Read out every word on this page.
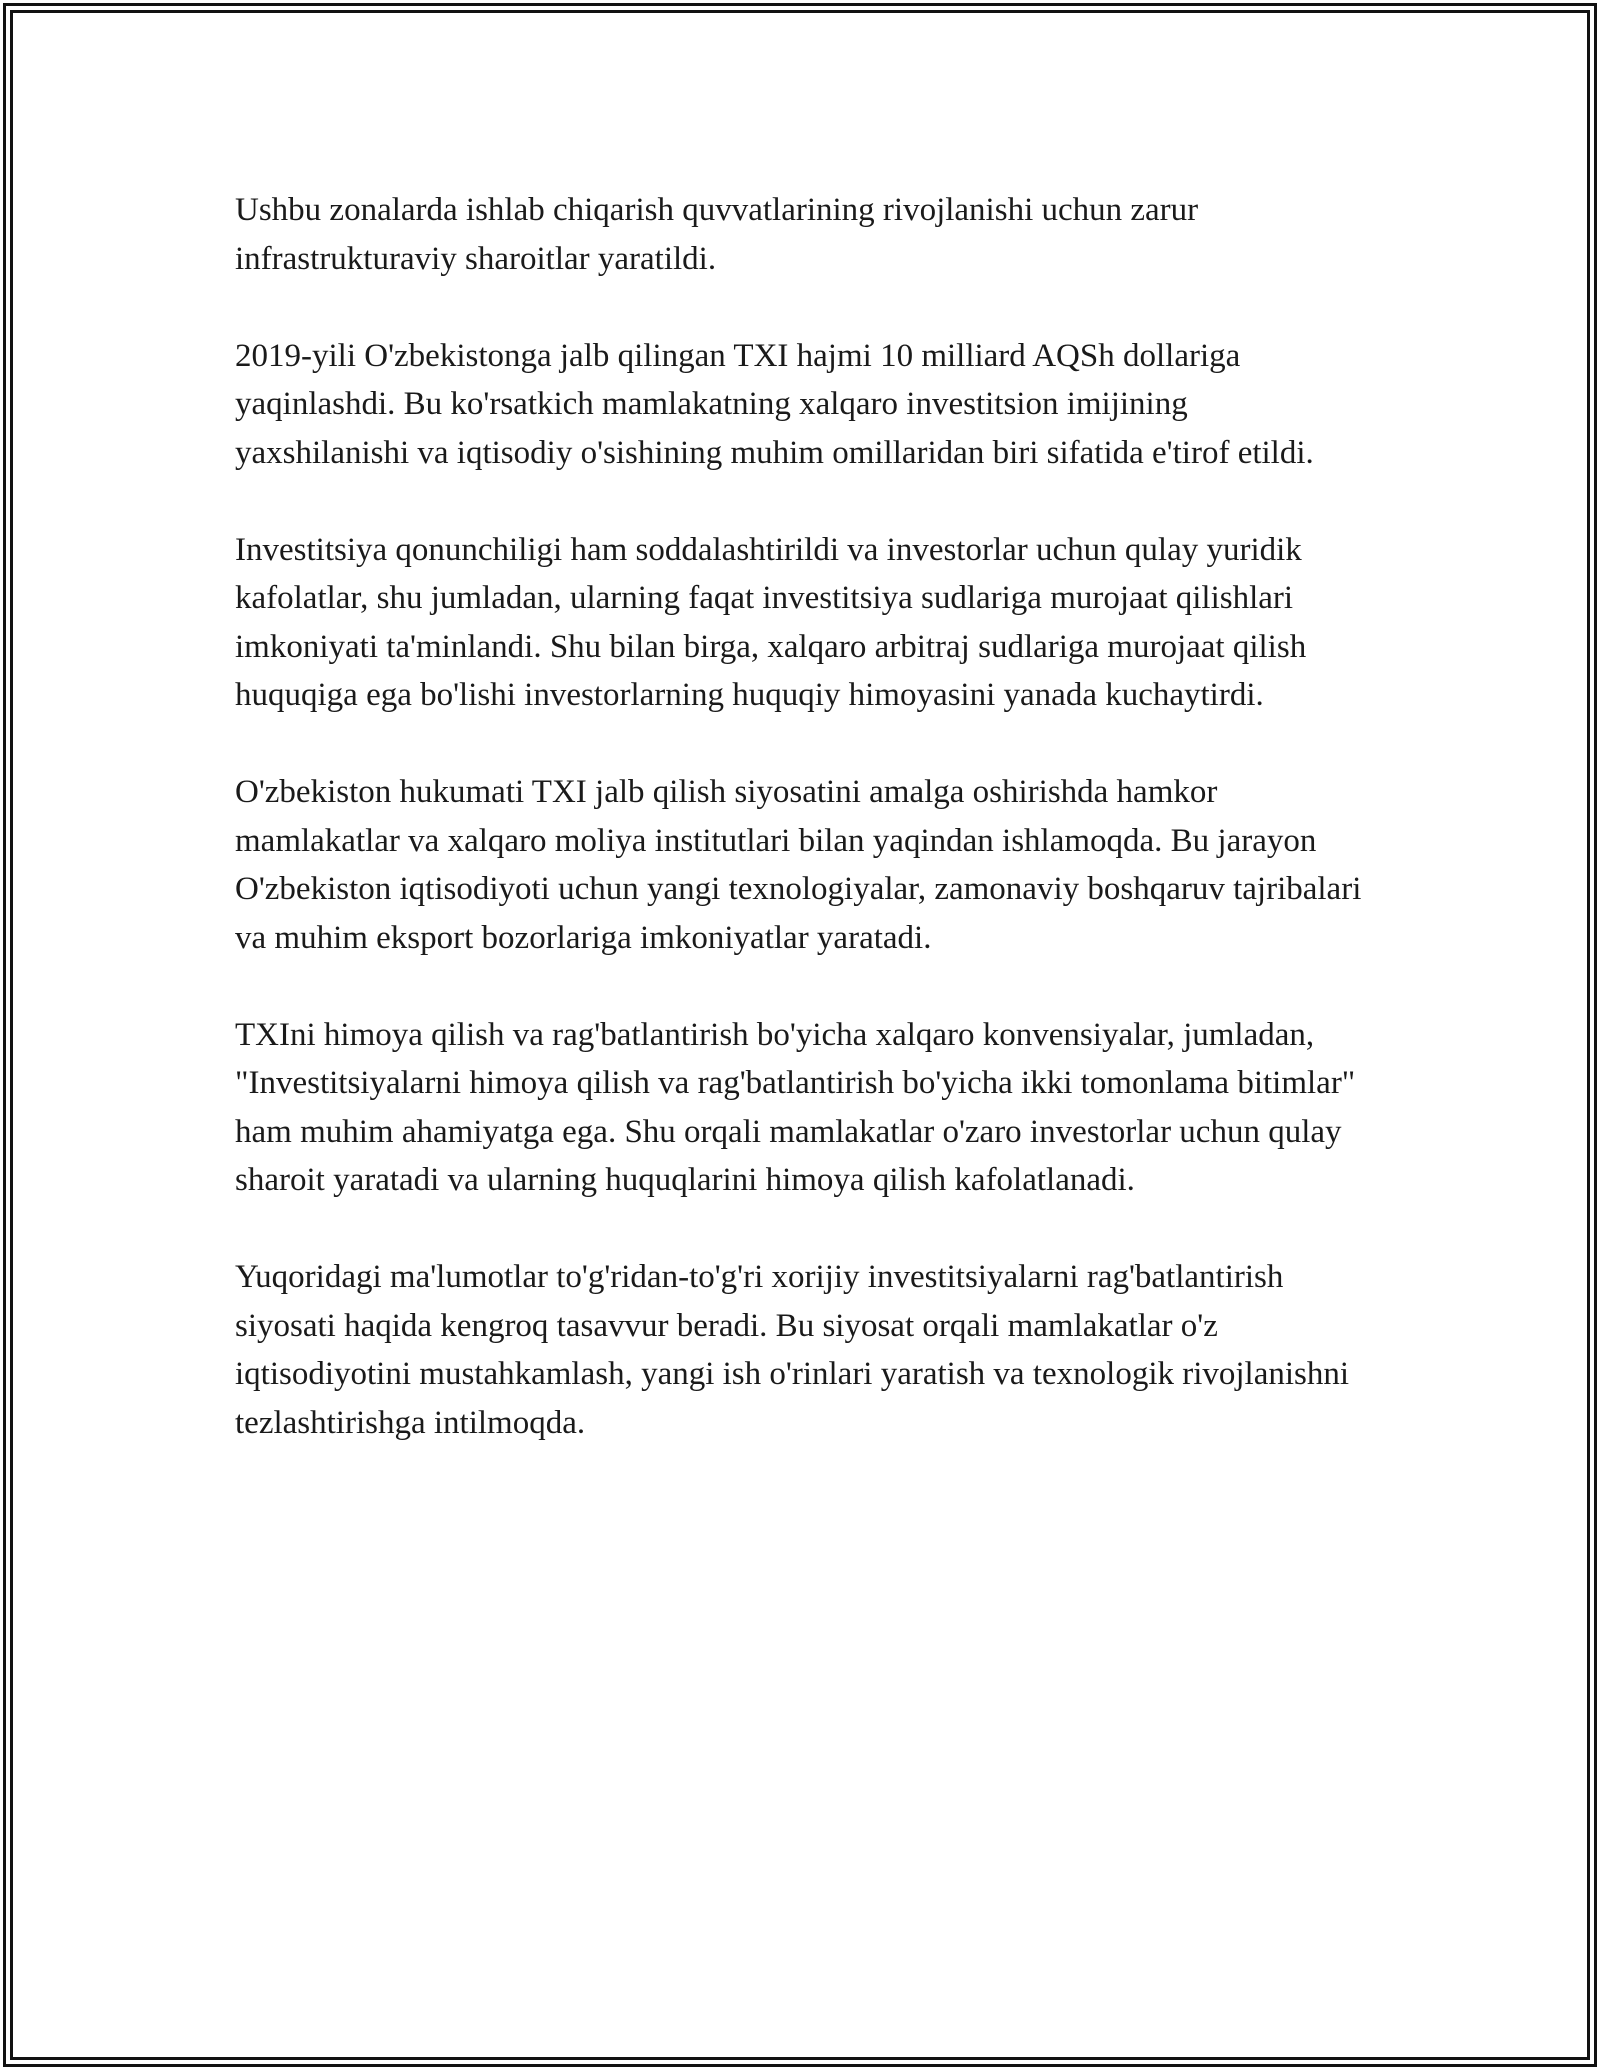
Ushbu zonalarda ishlab chiqarish quvvatlarining rivojlanishi uchun zarur infrastrukturaviy sharoitlar yaratildi.

2019-yili O'zbekistonga jalb qilingan TXI hajmi 10 milliard AQSh dollariga yaqinlashdi. Bu ko'rsatkich mamlakatning xalqaro investitsion imijining yaxshilanishi va iqtisodiy o'sishining muhim omillaridan biri sifatida e'tirof etildi.

Investitsiya qonunchiligi ham soddalashtirildi va investorlar uchun qulay yuridik kafolatlar, shu jumladan, ularning faqat investitsiya sudlariga murojaat qilishlari imkoniyati ta'minlandi. Shu bilan birga, xalqaro arbitraj sudlariga murojaat qilish huquqiga ega bo'lishi investorlarning huquqiy himoyasini yanada kuchaytirdi.

O'zbekiston hukumati TXI jalb qilish siyosatini amalga oshirishda hamkor mamlakatlar va xalqaro moliya institutlari bilan yaqindan ishlamoqda. Bu jarayon O'zbekiston iqtisodiyoti uchun yangi texnologiyalar, zamonaviy boshqaruv tajribalari va muhim eksport bozorlariga imkoniyatlar yaratadi.

TXIni himoya qilish va rag'batlantirish bo'yicha xalqaro konvensiyalar, jumladan, "Investitsiyalarni himoya qilish va rag'batlantirish bo'yicha ikki tomonlama bitimlar" ham muhim ahamiyatga ega. Shu orqali mamlakatlar o'zaro investorlar uchun qulay sharoit yaratadi va ularning huquqlarini himoya qilish kafolatlanadi.

Yuqoridagi ma'lumotlar to'g'ridan-to'g'ri xorijiy investitsiyalarni rag'batlantirish siyosati haqida kengroq tasavvur beradi. Bu siyosat orqali mamlakatlar o'z iqtisodiyotini mustahkamlash, yangi ish o'rinlari yaratish va texnologik rivojlanishni tezlashtirishga intilmoqda.
